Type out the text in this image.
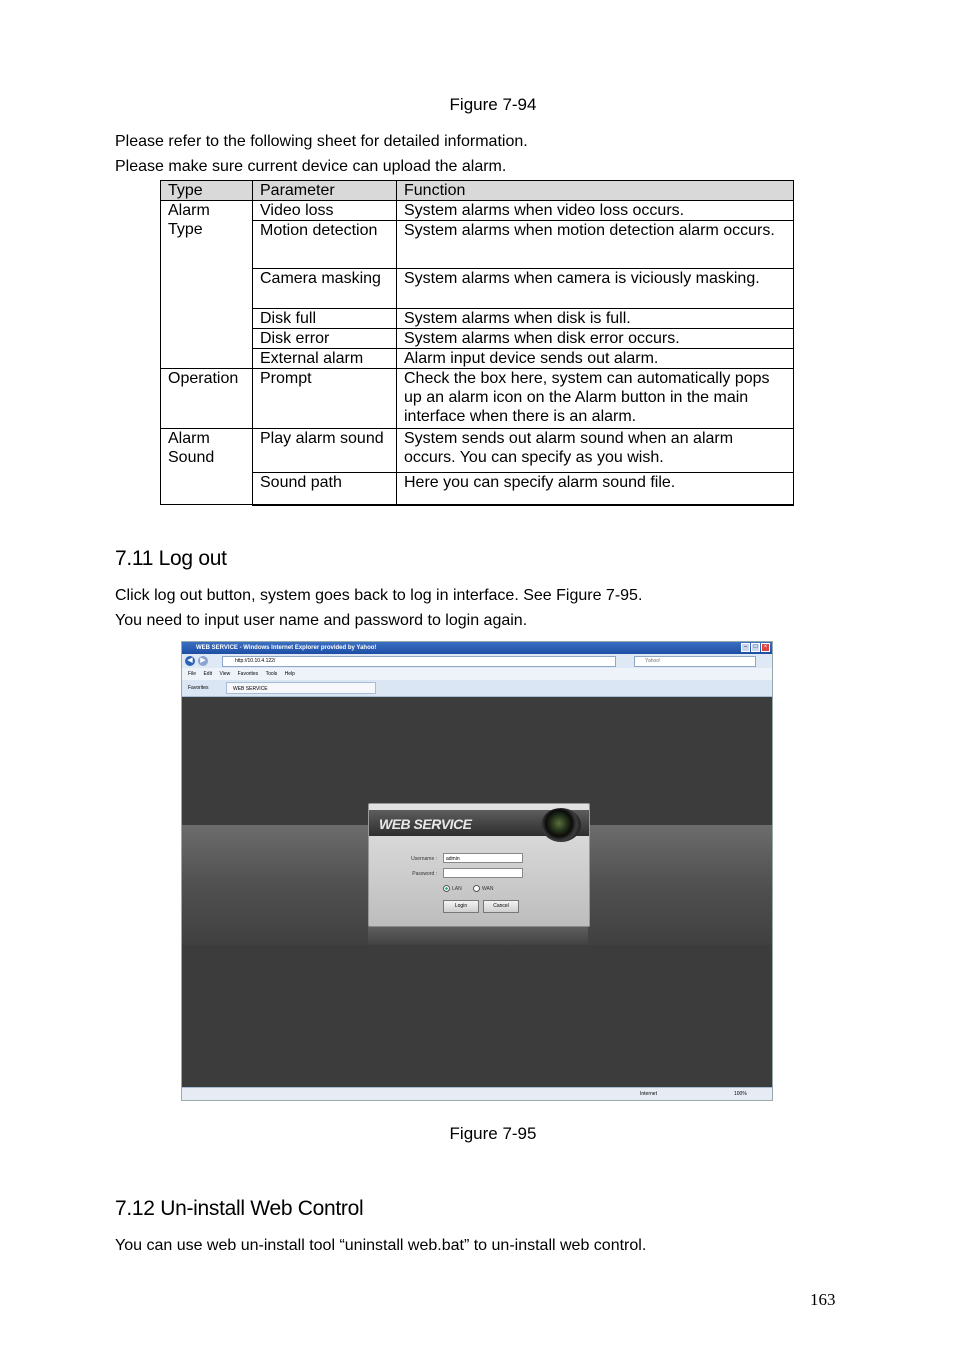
Figure 7-94
Please refer to the following sheet for detailed information.
Please make sure current device can upload the alarm.
Type	Parameter	Function
Alarm Type	Video loss	System alarms when video loss occurs.
	Motion detection	System alarms when motion detection alarm occurs.
	Camera masking	System alarms when camera is viciously masking.
	Disk full	System alarms when disk is full.
	Disk error	System alarms when disk error occurs.
	External alarm	Alarm input device sends out alarm.
Operation	Prompt	Check the box here, system can automatically pops up an alarm icon on the Alarm button in the main interface when there is an alarm.
Alarm Sound	Play alarm sound	System sends out alarm sound when an alarm occurs. You can specify as you wish.
	Sound path	Here you can specify alarm sound file.
7.11 Log out
Click log out button, system goes back to log in interface. See Figure 7-95.
You need to input user name and password to login again.
WEB SERVICE - Windows Internet Explorer provided by Yahoo!	–	□	×
◀	▶	http://10.10.4.122/	Yahoo!
File Edit View Favorites Tools Help
Favorites	WEB SERVICE
WEB SERVICE
Username :	admin
Password :
LAN	WAN
Login	Cancel
Internet	100%
Figure 7-95
7.12 Un-install Web Control
You can use web un-install tool “uninstall web.bat” to un-install web control.
163
